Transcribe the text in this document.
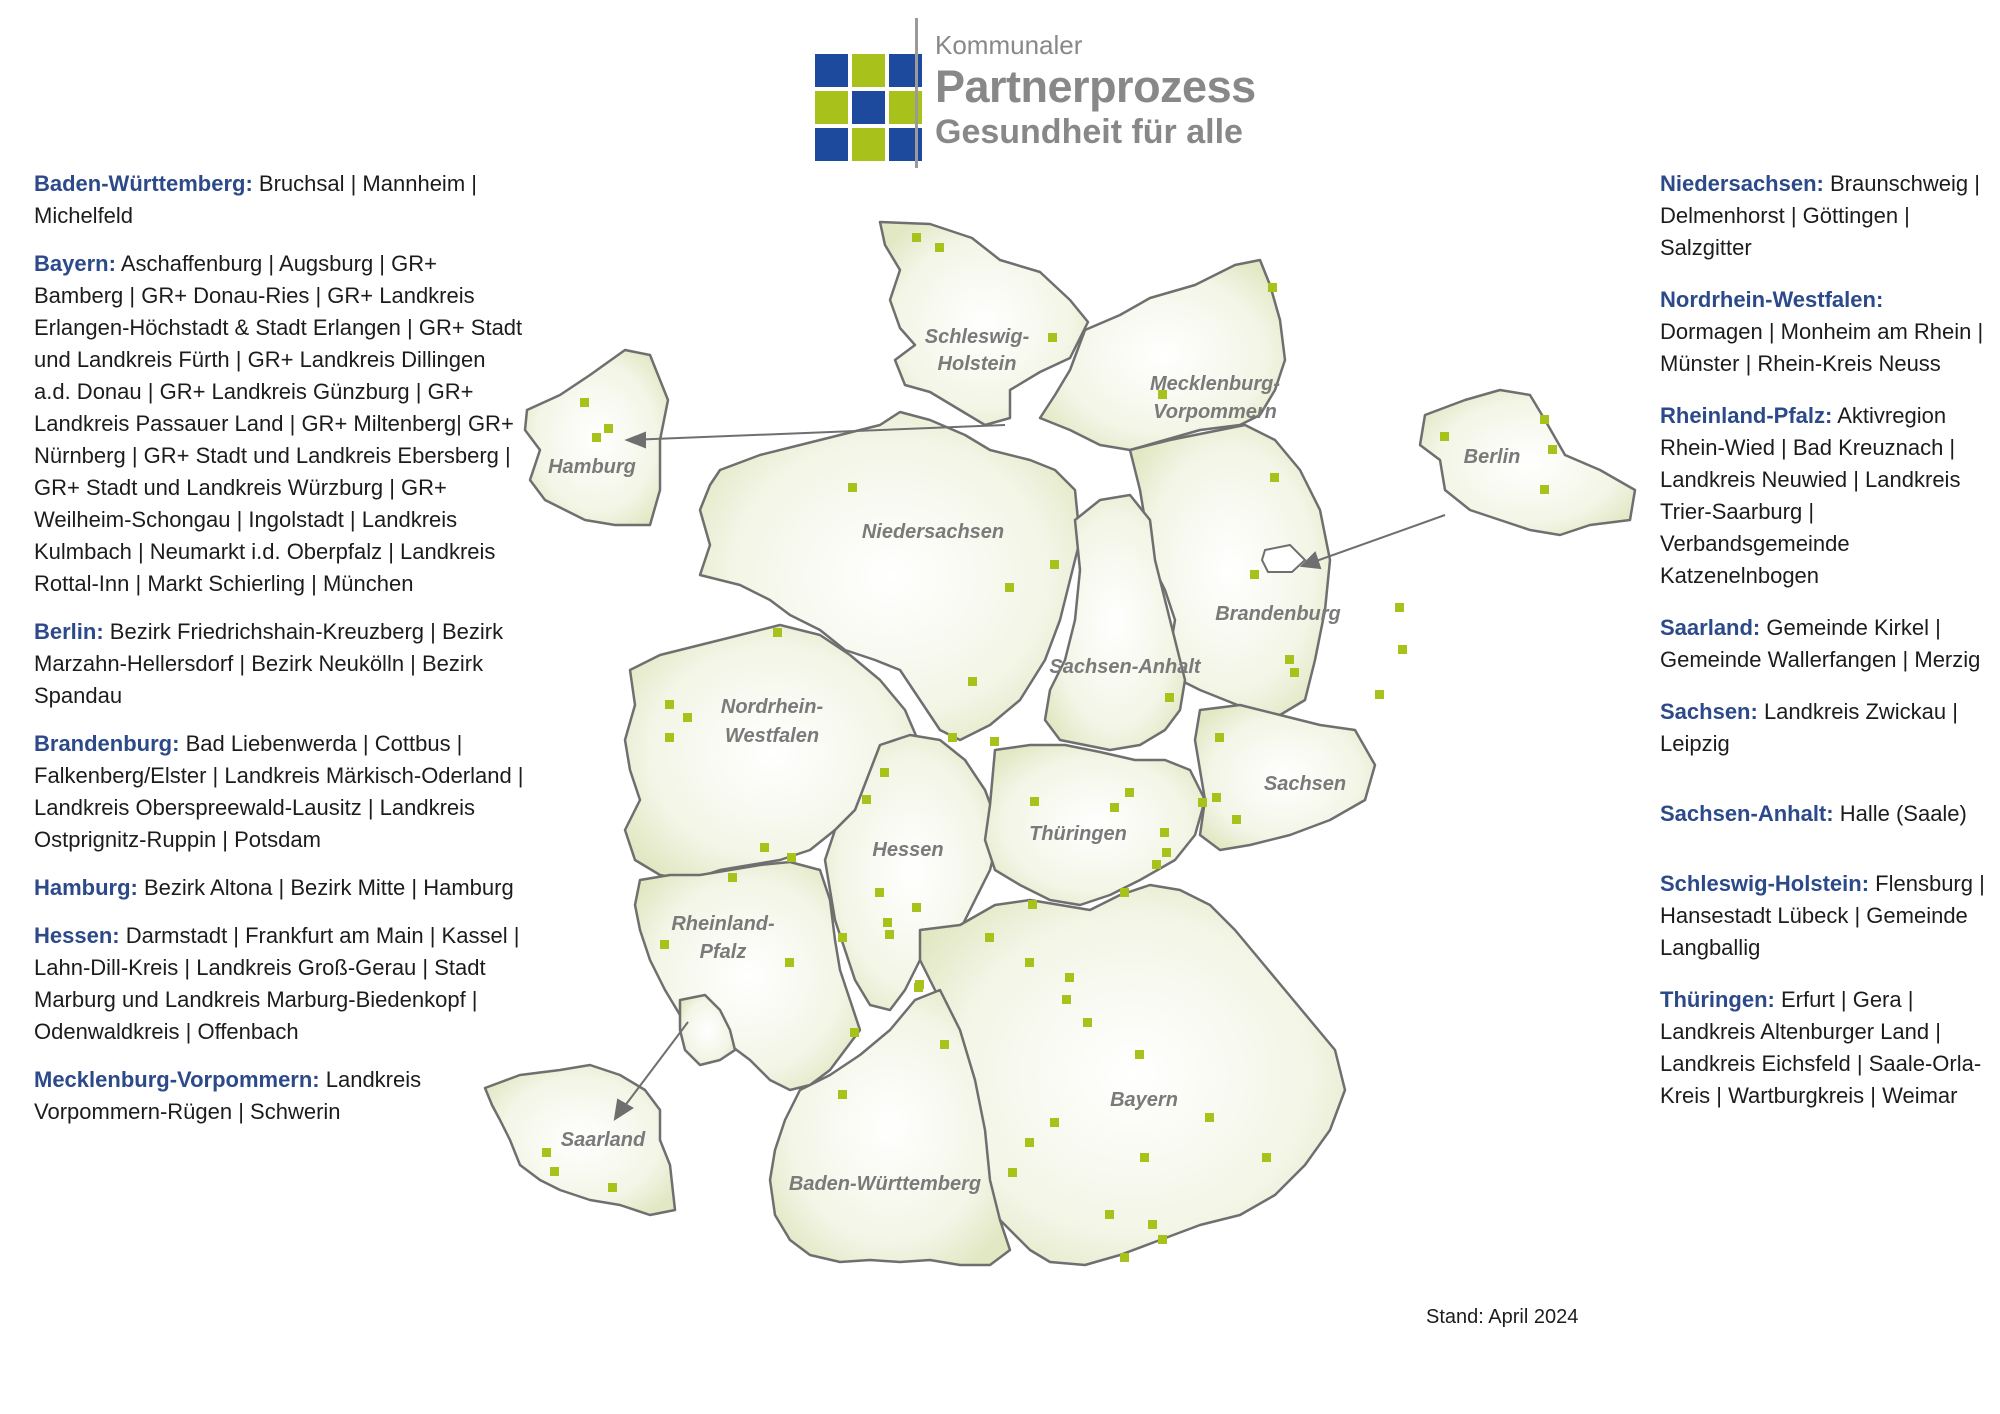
Kommunaler
Partnerprozess
Gesundheit für alle

Baden-Württemberg: Bruchsal | Mannheim | Michelfeld

Bayern: Aschaffenburg | Augsburg | GR+ Bamberg | GR+ Donau-Ries | GR+ Landkreis Erlangen-Höchstadt & Stadt Erlangen | GR+ Stadt und Landkreis Fürth | GR+ Landkreis Dillingen a.d. Donau | GR+ Landkreis Günzburg | GR+ Landkreis Passauer Land | GR+ Miltenberg| GR+ Nürnberg | GR+ Stadt und Landkreis Ebersberg | GR+ Stadt und Landkreis Würzburg | GR+ Weilheim-Schongau | Ingolstadt | Landkreis Kulmbach | Neumarkt i.d. Oberpfalz | Landkreis Rottal-Inn | Markt Schierling | München

Berlin: Bezirk Friedrichshain-Kreuzberg | Bezirk Marzahn-Hellersdorf | Bezirk Neukölln | Bezirk Spandau

Brandenburg: Bad Liebenwerda | Cottbus | Falkenberg/Elster | Landkreis Märkisch-Oderland | Landkreis Oberspreewald-Lausitz | Landkreis Ostprignitz-Ruppin | Potsdam

Hamburg: Bezirk Altona | Bezirk Mitte | Hamburg

Hessen: Darmstadt | Frankfurt am Main | Kassel | Lahn-Dill-Kreis | Landkreis Groß-Gerau | Stadt Marburg und Landkreis Marburg-Biedenkopf | Odenwaldkreis | Offenbach

Mecklenburg-Vorpommern: Landkreis Vorpommern-Rügen | Schwerin

Niedersachsen: Braunschweig | Delmenhorst | Göttingen | Salzgitter

Nordrhein-Westfalen: Dormagen | Monheim am Rhein | Münster | Rhein-Kreis Neuss

Rheinland-Pfalz: Aktivregion Rhein-Wied | Bad Kreuznach | Landkreis Neuwied | Landkreis Trier-Saarburg | Verbandsgemeinde Katzenelnbogen

Saarland: Gemeinde Kirkel | Gemeinde Wallerfangen | Merzig

Sachsen: Landkreis Zwickau | Leipzig

Sachsen-Anhalt: Halle (Saale)

Schleswig-Holstein: Flensburg | Hansestadt Lübeck | Gemeinde Langballig

Thüringen: Erfurt | Gera | Landkreis Altenburger Land | Landkreis Eichsfeld | Saale-Orla-Kreis | Wartburgkreis | Weimar

Schleswig-
Holstein
Mecklenburg-
Vorpommern
Hamburg	Berlin
Niedersachsen
Brandenburg
Sachsen-Anhalt
Nordrhein-
Westfalen
Sachsen
Hessen
Thüringen
Rheinland-
Pfalz
Saarland
Bayern
Baden-Württemberg
Stand: April 2024
